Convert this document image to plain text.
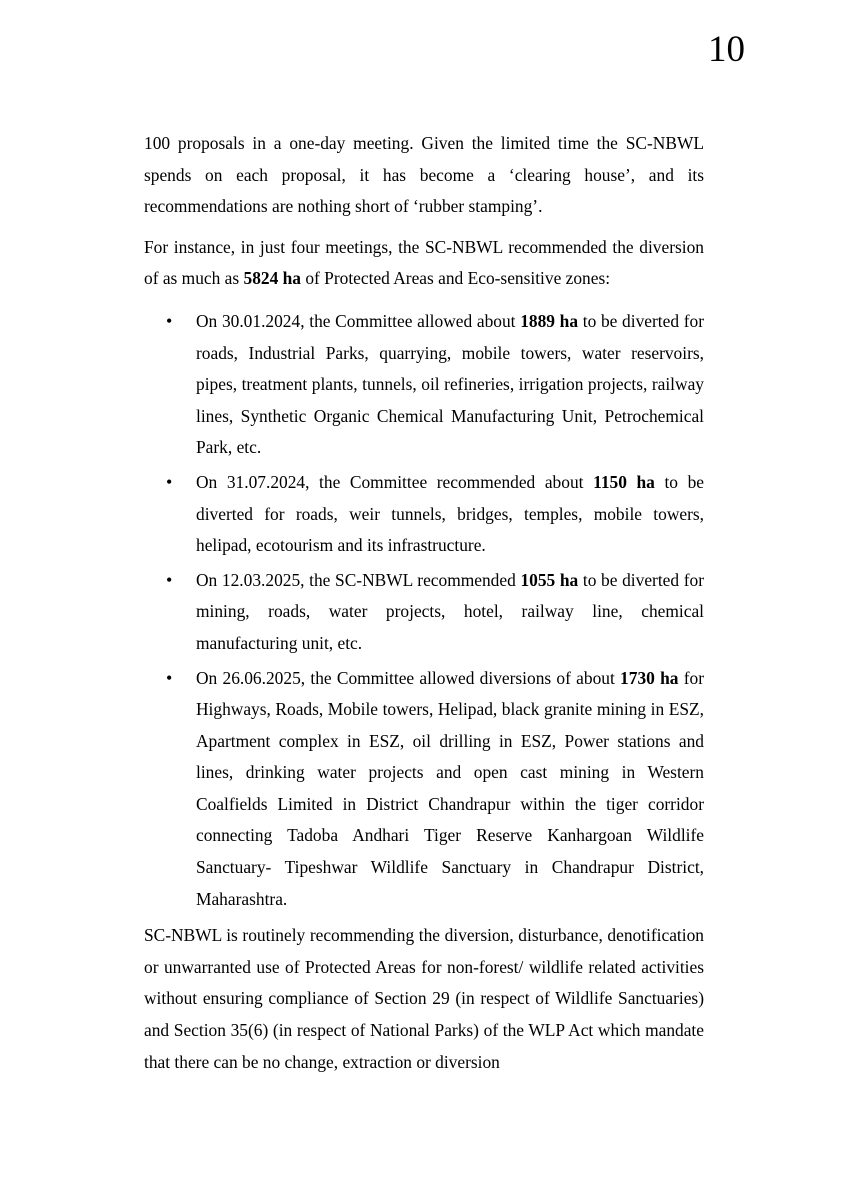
10

100 proposals in a one-day meeting. Given the limited time the SC-NBWL spends on each proposal, it has become a ‘clearing house’, and its recommendations are nothing short of ‘rubber stamping’.

For instance, in just four meetings, the SC-NBWL recommended the diversion of as much as 5824 ha of Protected Areas and Eco-sensitive zones:

• On 30.01.2024, the Committee allowed about 1889 ha to be diverted for roads, Industrial Parks, quarrying, mobile towers, water reservoirs, pipes, treatment plants, tunnels, oil refineries, irrigation projects, railway lines, Synthetic Organic Chemical Manufacturing Unit, Petrochemical Park, etc.
• On 31.07.2024, the Committee recommended about 1150 ha to be diverted for roads, weir tunnels, bridges, temples, mobile towers, helipad, ecotourism and its infrastructure.
• On 12.03.2025, the SC-NBWL recommended 1055 ha to be diverted for mining, roads, water projects, hotel, railway line, chemical manufacturing unit, etc.
• On 26.06.2025, the Committee allowed diversions of about 1730 ha for Highways, Roads, Mobile towers, Helipad, black granite mining in ESZ, Apartment complex in ESZ, oil drilling in ESZ, Power stations and lines, drinking water projects and open cast mining in Western Coalfields Limited in District Chandrapur within the tiger corridor connecting Tadoba Andhari Tiger Reserve Kanhargoan Wildlife Sanctuary- Tipeshwar Wildlife Sanctuary in Chandrapur District, Maharashtra.

SC-NBWL is routinely recommending the diversion, disturbance, denotification or unwarranted use of Protected Areas for non-forest/ wildlife related activities without ensuring compliance of Section 29 (in respect of Wildlife Sanctuaries) and Section 35(6) (in respect of National Parks) of the WLP Act which mandate that there can be no change, extraction or diversion
